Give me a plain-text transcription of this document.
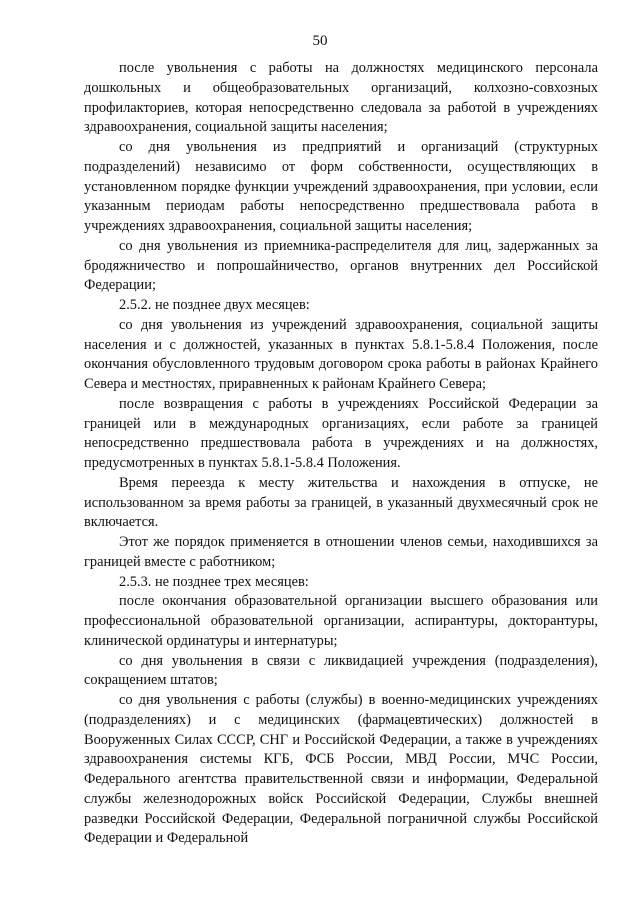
50

после увольнения с работы на должностях медицинского персонала дошкольных и общеобразовательных организаций, колхозно-совхозных профилакториев, которая непосредственно следовала за работой в учреждениях здравоохранения, социальной защиты населения;

со дня увольнения из предприятий и организаций (структурных подразделений) независимо от форм собственности, осуществляющих в установленном порядке функции учреждений здравоохранения, при условии, если указанным периодам работы непосредственно предшествовала работа в учреждениях здравоохранения, социальной защиты населения;

со дня увольнения из приемника-распределителя для лиц, задержанных за бродяжничество и попрошайничество, органов внутренних дел Российской Федерации;

2.5.2. не позднее двух месяцев:

со дня увольнения из учреждений здравоохранения, социальной защиты населения и с должностей, указанных в пунктах 5.8.1-5.8.4 Положения, после окончания обусловленного трудовым договором срока работы в районах Крайнего Севера и местностях, приравненных к районам Крайнего Севера;

после возвращения с работы в учреждениях Российской Федерации за границей или в международных организациях, если работе за границей непосредственно предшествовала работа в учреждениях и на должностях, предусмотренных в пунктах 5.8.1-5.8.4 Положения.

Время переезда к месту жительства и нахождения в отпуске, не использованном за время работы за границей, в указанный двухмесячный срок не включается.

Этот же порядок применяется в отношении членов семьи, находившихся за границей вместе с работником;

2.5.3. не позднее трех месяцев:

после окончания образовательной организации высшего образования или профессиональной образовательной организации, аспирантуры, докторантуры, клинической ординатуры и интернатуры;

со дня увольнения в связи с ликвидацией учреждения (подразделения), сокращением штатов;

со дня увольнения с работы (службы) в военно-медицинских учреждениях (подразделениях) и с медицинских (фармацевтических) должностей в Вооруженных Силах СССР, СНГ и Российской Федерации, а также в учреждениях здравоохранения системы КГБ, ФСБ России, МВД России, МЧС России, Федерального агентства правительственной связи и информации, Федеральной службы железнодорожных войск Российской Федерации, Службы внешней разведки Российской Федерации, Федеральной пограничной службы Российской Федерации и Федеральной
